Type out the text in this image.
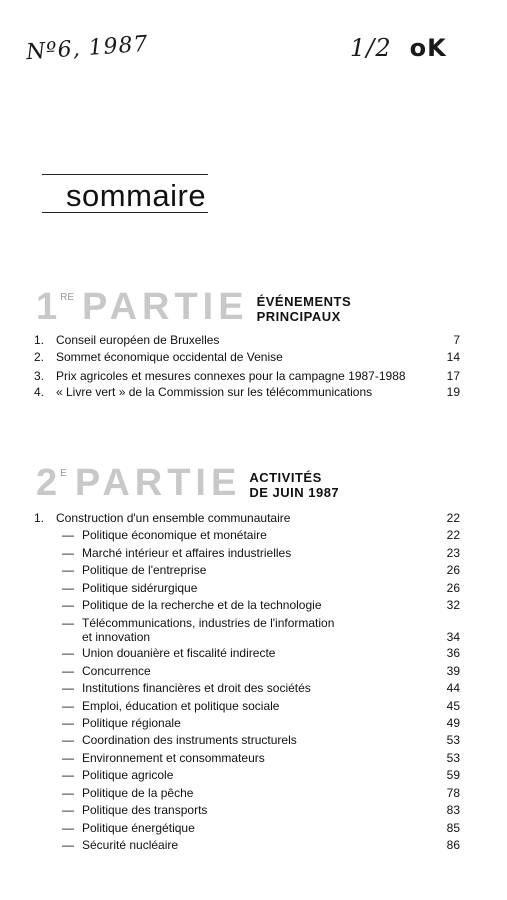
Nº6, 1987	1/2 oK
sommaire
1 RE PARTIE ÉVÉNEMENTS
PRINCIPAUX
1. Conseil européen de Bruxelles	7
2. Sommet économique occidental de Venise	14
3. Prix agricoles et mesures connexes pour la campagne 1987-1988	17
4. « Livre vert » de la Commission sur les télécommunications	19
2 E PARTIE ACTIVITÉS
DE JUIN 1987
1. Construction d'un ensemble communautaire	22
— Politique économique et monétaire	22
— Marché intérieur et affaires industrielles	23
— Politique de l'entreprise	26
— Politique sidérurgique	26
— Politique de la recherche et de la technologie	32
— Télécommunications, industries de l'information et innovation	34
— Union douanière et fiscalité indirecte	36
— Concurrence	39
— Institutions financières et droit des sociétés	44
— Emploi, éducation et politique sociale	45
— Politique régionale	49
— Coordination des instruments structurels	53
— Environnement et consommateurs	53
— Politique agricole	59
— Politique de la pêche	78
— Politique des transports	83
— Politique énergétique	85
— Sécurité nucléaire	86
